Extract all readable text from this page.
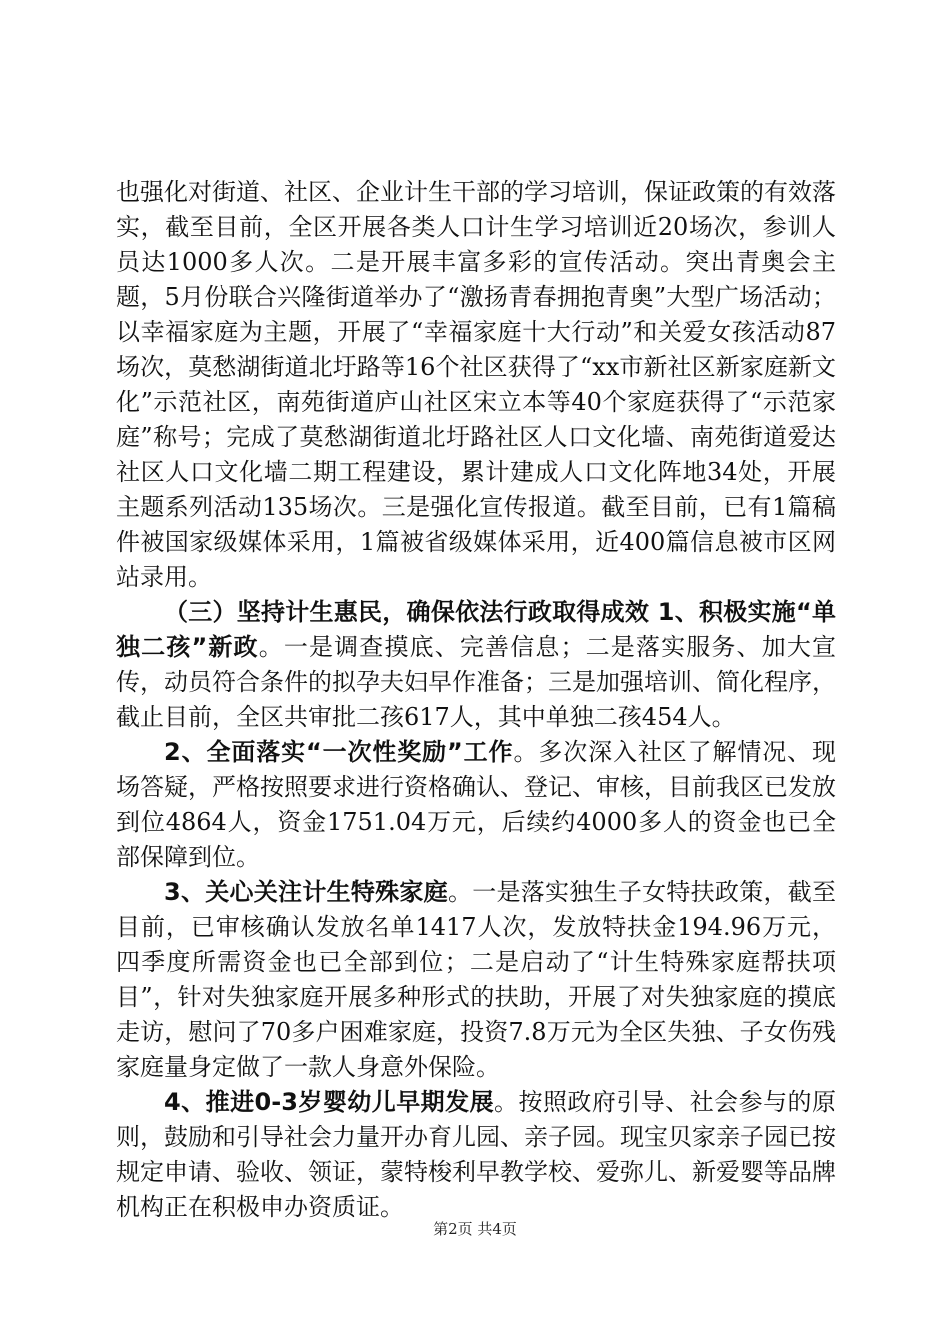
也强化对街道、社区、企业计生干部的学习培训，保证政策的有效落实，截至目前，全区开展各类人口计生学习培训近20场次，参训人员达1000多人次。二是开展丰富多彩的宣传活动。突出青奥会主题，5月份联合兴隆街道举办了“激扬青春拥抱青奥”大型广场活动；以幸福家庭为主题，开展了“幸福家庭十大行动”和关爱女孩活动87场次，莫愁湖街道北圩路等16个社区获得了“xx市新社区新家庭新文化”示范社区，南苑街道庐山社区宋立本等40个家庭获得了“示范家庭”称号；完成了莫愁湖街道北圩路社区人口文化墙、南苑街道爱达社区人口文化墙二期工程建设，累计建成人口文化阵地34处，开展主题系列活动135场次。三是强化宣传报道。截至目前，已有1篇稿件被国家级媒体采用，1篇被省级媒体采用，近400篇信息被市区网站录用。

（三）坚持计生惠民，确保依法行政取得成效 1、积极实施“单独二孩”新政。一是调查摸底、完善信息；二是落实服务、加大宣传，动员符合条件的拟孕夫妇早作准备；三是加强培训、简化程序，截止目前，全区共审批二孩617人，其中单独二孩454人。

2、全面落实“一次性奖励”工作。多次深入社区了解情况、现场答疑，严格按照要求进行资格确认、登记、审核，目前我区已发放到位4864人，资金1751.04万元，后续约4000多人的资金也已全部保障到位。

3、关心关注计生特殊家庭。一是落实独生子女特扶政策，截至目前，已审核确认发放名单1417人次，发放特扶金194.96万元，四季度所需资金也已全部到位；二是启动了“计生特殊家庭帮扶项目”，针对失独家庭开展多种形式的扶助，开展了对失独家庭的摸底走访，慰问了70多户困难家庭，投资7.8万元为全区失独、子女伤残家庭量身定做了一款人身意外保险。

4、推进0-3岁婴幼儿早期发展。按照政府引导、社会参与的原则，鼓励和引导社会力量开办育儿园、亲子园。现宝贝家亲子园已按规定申请、验收、领证，蒙特梭利早教学校、爱弥儿、新爱婴等品牌机构正在积极申办资质证。

第2页 共4页
